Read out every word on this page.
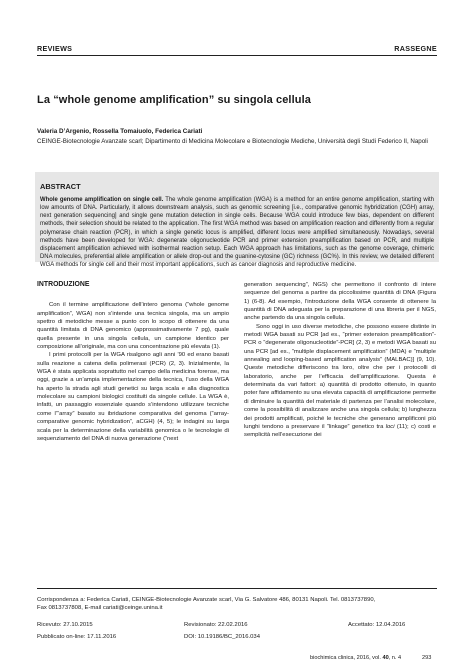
REVIEWS	RASSEGNE
La “whole genome amplification” su singola cellula
Valeria D’Argenio, Rossella Tomaiuolo, Federica Cariati
CEINGE-Biotecnologie Avanzate scarl; Dipartimento di Medicina Molecolare e Biotecnologie Mediche, Università degli Studi Federico II, Napoli
ABSTRACT

Whole genome amplification on single cell. The whole genome amplification (WGA) is a method for an entire genome amplification, starting with low amounts of DNA. Particularly, it allows downstream analysis, such as genomic screening [i.e., comparative genomic hybridization (CGH) array, next generation sequencing] and single gene mutation detection in single cells. Because WGA could introduce few bias, dependent on different methods, their selection should be related to the application. The first WGA method was based on amplification reaction and differently from a regular polymerase chain reaction (PCR), in which a single genetic locus is amplified, different locus were amplified simultaneously. Nowadays, several methods have been developed for WGA: degenerate oligonucleotide PCR and primer extension preamplification based on PCR, and multiple displacement amplification achieved with isothermal reaction setup. Each WGA approach has limitations, such as the genome coverage, chimeric DNA molecules, preferential allele amplification or allele drop-out and the guanine-cytosine (GC) richness (GC%). In this review, we detailed different WGA methods for single cell and their most important applications, such as cancer diagnosis and reproductive medicine.

INTRODUZIONE

Con il termine amplificazione dell’intero genoma (“whole genome amplification”, WGA) non s’intende una tecnica singola, ma un ampio spettro di metodiche messe a punto con lo scopo di ottenere da una quantità limitata di DNA genomico (approssimativamente 7 pg), quale quella presente in una singola cellula, un campione identico per composizione all’originale, ma con una concentrazione più elevata (1).

I primi protocolli per la WGA risalgono agli anni ’90 ed erano basati sulla reazione a catena della polimerasi (PCR) (2, 3). Inizialmente, la WGA è stata applicata soprattutto nel campo della medicina forense, ma oggi, grazie a un’ampia implementazione della tecnica, l’uso della WGA ha aperto la strada agli studi genetici su larga scala e alla diagnostica molecolare su campioni biologici costituiti da singole cellule. La WGA è, infatti, un passaggio essenziale quando s’intendono utilizzare tecniche come l’“array” basato su ibridazione comparativa del genoma (“array-comparative genomic hybridization”, aCGH) (4, 5); le indagini su larga scala per la determinazione della variabilità genomica o le tecnologie di sequenziamento del DNA di nuova generazione (“next

generation sequencing”, NGS) che permettono il confronto di intere sequenze del genoma a partire da piccolissime quantità di DNA (Figura 1) (6-8). Ad esempio, l’introduzione della WGA consente di ottenere la quantità di DNA adeguata per la preparazione di una libreria per il NGS, anche partendo da una singola cellula.

Sono oggi in uso diverse metodiche, che possono essere distinte in metodi WGA basati su PCR [ad es., “primer extension preamplification”-PCR o “degenerate oligonucleotide”-PCR] (2, 3) e metodi WGA basati su una PCR [ad es., “multiple displacement amplification” (MDA) e “multiple annealing and looping-based amplification analysis” (MALBAC)] (9, 10). Queste metodiche differiscono tra loro, oltre che per i protocolli di laboratorio, anche per l’efficacia dell’amplificazione. Questa è determinata da vari fattori: a) quantità di prodotto ottenuto, in quanto poter fare affidamento su una elevata capacità di amplificazione permette di diminuire la quantità del materiale di partenza per l’analisi molecolare, come la possibilità di analizzare anche una singola cellula; b) lunghezza dei prodotti amplificati, poiché le tecniche che generano amplificoni più lunghi tendono a preservare il “linkage” genetico tra loci (11); c) costi e semplicità nell’esecuzione dei

Corrispondenza a: Federica Cariati, CEINGE-Biotecnologie Avanzate scarl, Via G. Salvatore 486, 80131 Napoli. Tel. 0813737890,
Fax 0813737808, E-mail cariati@ceinge.unina.it
Ricevuto: 27.10.2015	Revisionato: 22.02.2016	Accettato: 12.04.2016
Pubblicato on-line: 17.11.2016	DOI: 10.19186/BC_2016.034
biochimica clinica, 2016, vol. 40, n. 4	293
